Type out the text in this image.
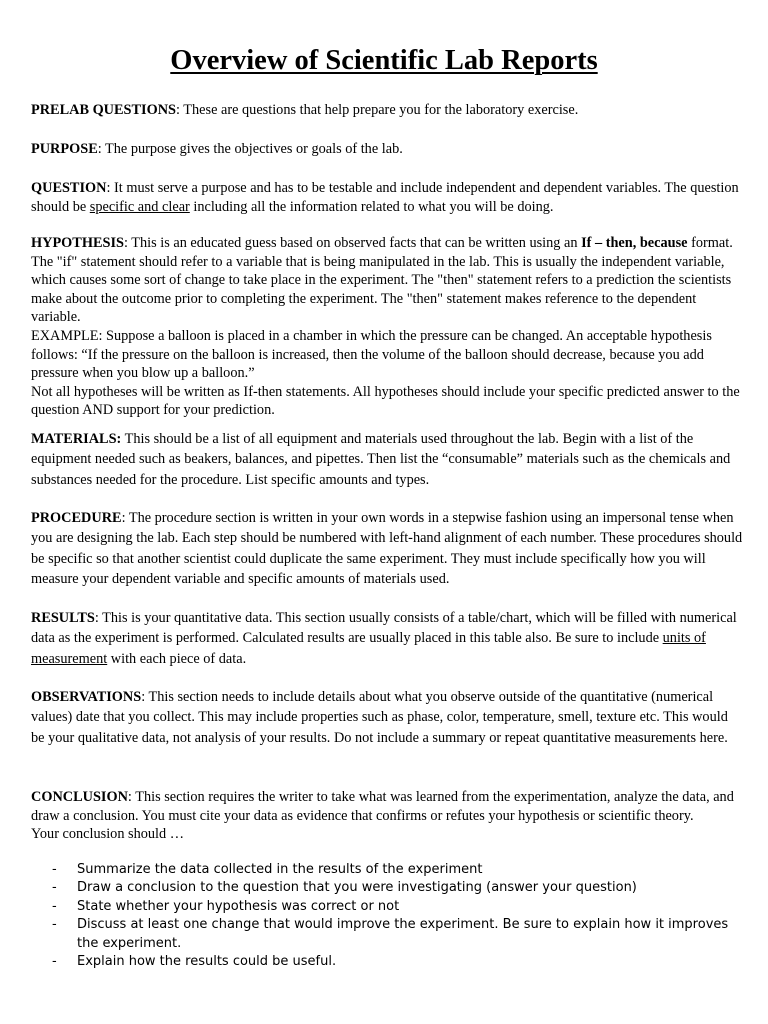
Overview of Scientific Lab Reports

PRELAB QUESTIONS: These are questions that help prepare you for the laboratory exercise.

PURPOSE: The purpose gives the objectives or goals of the lab.

QUESTION: It must serve a purpose and has to be testable and include independent and dependent variables. The question should be specific and clear including all the information related to what you will be doing.

HYPOTHESIS: This is an educated guess based on observed facts that can be written using an If – then, because format. The "if" statement should refer to a variable that is being manipulated in the lab. This is usually the independent variable, which causes some sort of change to take place in the experiment. The "then" statement refers to a prediction the scientists make about the outcome prior to completing the experiment. The "then" statement makes reference to the dependent variable.

EXAMPLE: Suppose a balloon is placed in a chamber in which the pressure can be changed. An acceptable hypothesis follows: “If the pressure on the balloon is increased, then the volume of the balloon should decrease, because you add pressure when you blow up a balloon.”

Not all hypotheses will be written as If-then statements. All hypotheses should include your specific predicted answer to the question AND support for your prediction.

MATERIALS: This should be a list of all equipment and materials used throughout the lab. Begin with a list of the equipment needed such as beakers, balances, and pipettes. Then list the “consumable” materials such as the chemicals and substances needed for the procedure. List specific amounts and types.

PROCEDURE: The procedure section is written in your own words in a stepwise fashion using an impersonal tense when you are designing the lab. Each step should be numbered with left-hand alignment of each number. These procedures should be specific so that another scientist could duplicate the same experiment. They must include specifically how you will measure your dependent variable and specific amounts of materials used.

RESULTS: This is your quantitative data. This section usually consists of a table/chart, which will be filled with numerical data as the experiment is performed. Calculated results are usually placed in this table also. Be sure to include units of measurement with each piece of data.

OBSERVATIONS: This section needs to include details about what you observe outside of the quantitative (numerical values) date that you collect. This may include properties such as phase, color, temperature, smell, texture etc. This would be your qualitative data, not analysis of your results. Do not include a summary or repeat quantitative measurements here.

CONCLUSION: This section requires the writer to take what was learned from the experimentation, analyze the data, and draw a conclusion. You must cite your data as evidence that confirms or refutes your hypothesis or scientific theory.

Your conclusion should …

-	Summarize the data collected in the results of the experiment
-	Draw a conclusion to the question that you were investigating (answer your question)
-	State whether your hypothesis was correct or not
-	Discuss at least one change that would improve the experiment. Be sure to explain how it improves the experiment.
-	Explain how the results could be useful.
